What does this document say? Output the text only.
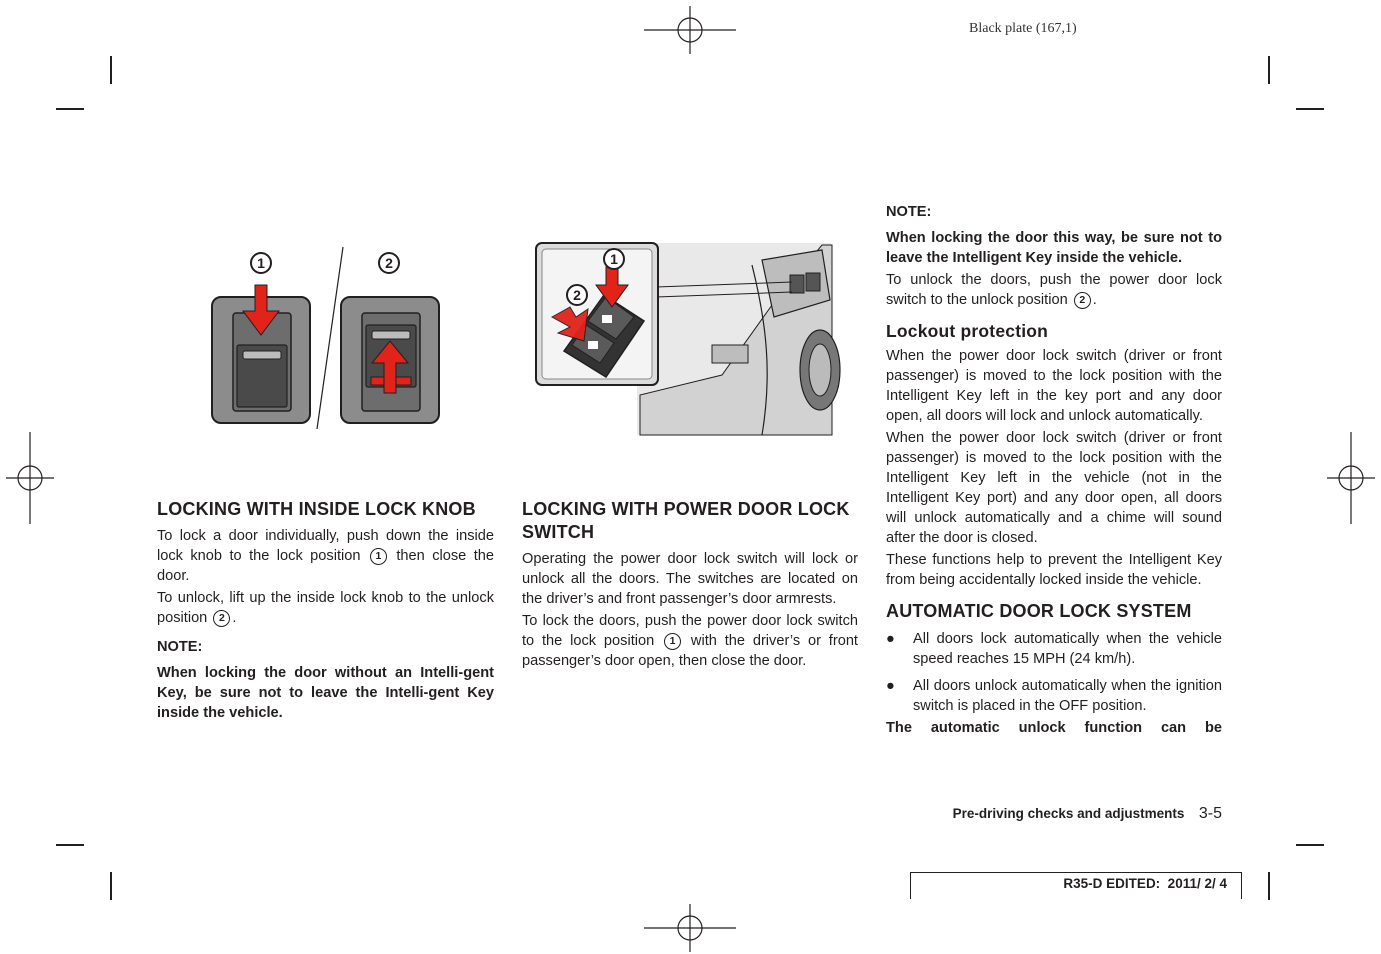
Black plate (167,1)
1	2	1
2
LOCKING WITH INSIDE LOCK KNOB

To lock a door individually, push down the inside lock knob to the lock position 1 then close the door.

To unlock, lift up the inside lock knob to the unlock position 2 .

NOTE:

When locking the door without an Intelli-gent Key, be sure not to leave the Intelli-gent Key inside the vehicle.

LOCKING WITH POWER DOOR LOCK SWITCH

Operating the power door lock switch will lock or unlock all the doors. The switches are located on the driver’s and front passenger’s door armrests.

To lock the doors, push the power door lock switch to the lock position 1 with the driver’s or front passenger’s door open, then close the door.

NOTE:

When locking the door this way, be sure not to leave the Intelligent Key inside the vehicle.

To unlock the doors, push the power door lock switch to the unlock position 2 .

Lockout protection

When the power door lock switch (driver or front passenger) is moved to the lock position with the Intelligent Key left in the key port and any door open, all doors will lock and unlock automatically.

When the power door lock switch (driver or front passenger) is moved to the lock position with the Intelligent Key left in the vehicle (not in the Intelligent Key port) and any door open, all doors will unlock automatically and a chime will sound after the door is closed.

These functions help to prevent the Intelligent Key from being accidentally locked inside the vehicle.

AUTOMATIC DOOR LOCK SYSTEM

● All doors lock automatically when the vehicle speed reaches 15 MPH (24 km/h).

● All doors unlock automatically when the ignition switch is placed in the OFF position.

The automatic unlock function can be

Pre-driving checks and adjustments 3-5
R35-D EDITED:  2011/ 2/ 4
